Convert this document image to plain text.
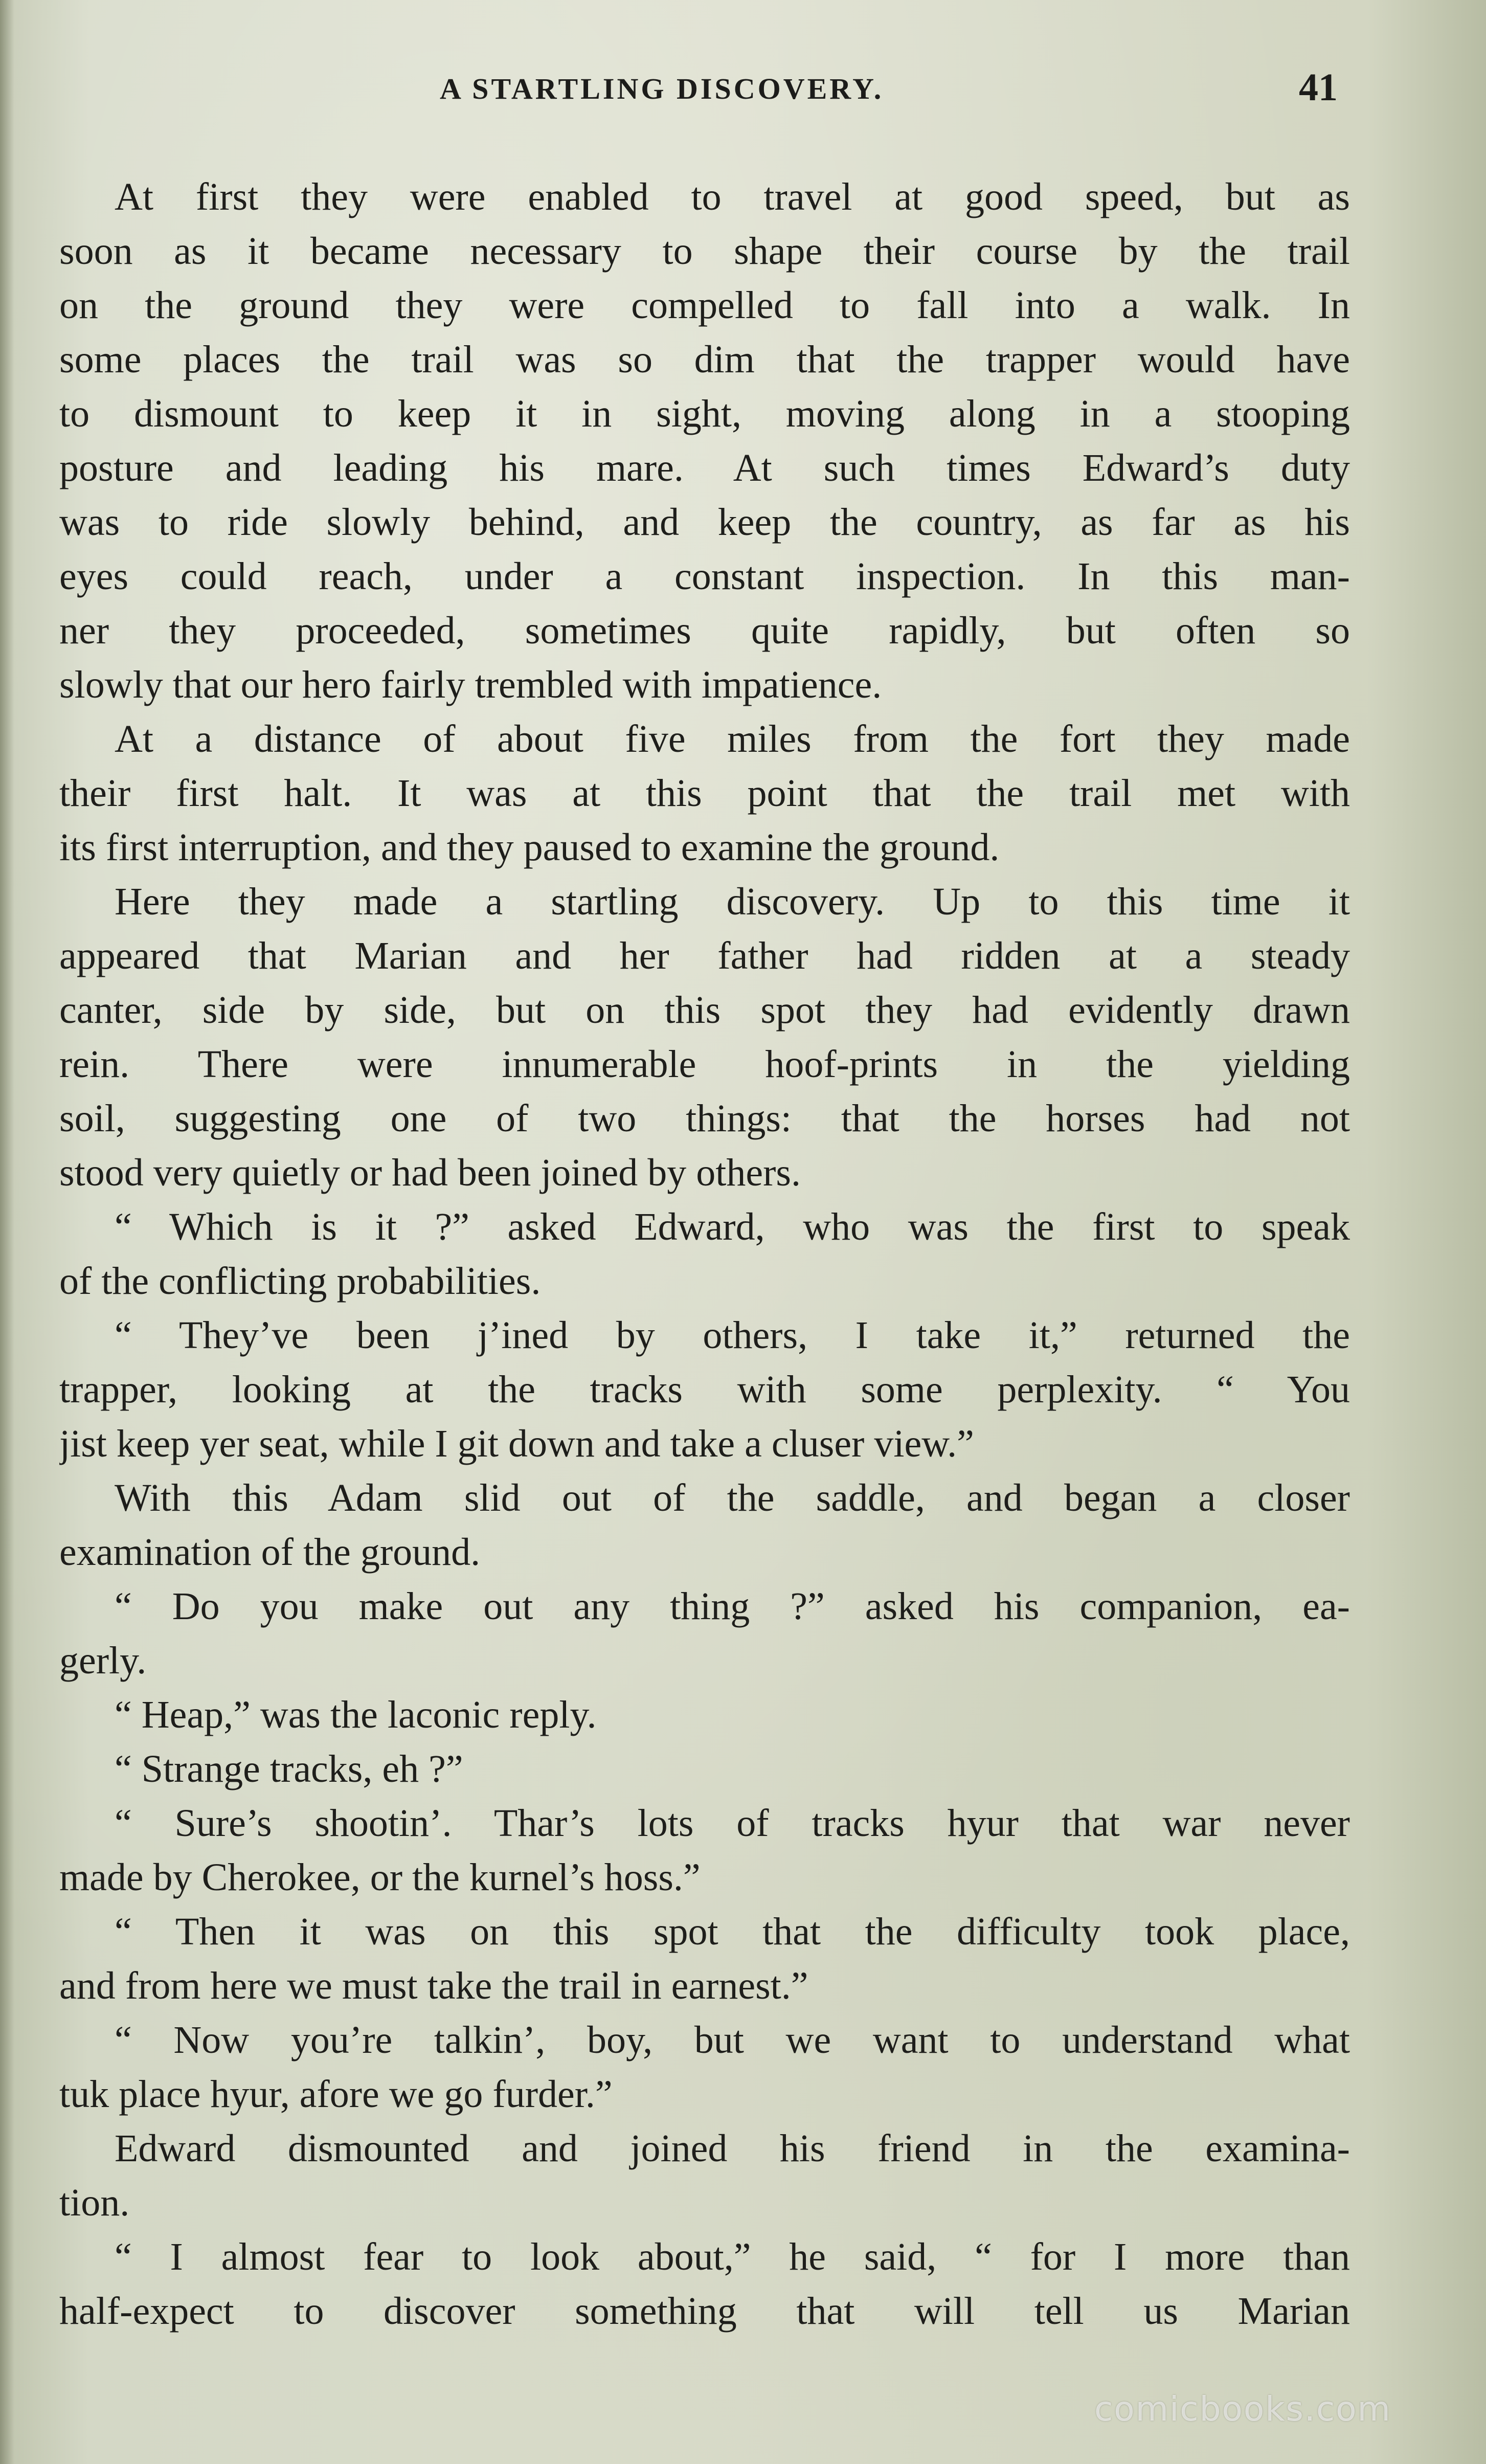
A STARTLING DISCOVERY.	41
At first they were enabled to travel at good speed, but as
soon as it became necessary to shape their course by the trail
on the ground they were compelled to fall into a walk. In
some places the trail was so dim that the trapper would have
to dismount to keep it in sight, moving along in a stooping
posture and leading his mare. At such times Edward’s duty
was to ride slowly behind, and keep the country, as far as his
eyes could reach, under a constant inspection. In this man-
ner they proceeded, sometimes quite rapidly, but often so
slowly that our hero fairly trembled with impatience.
At a distance of about five miles from the fort they made
their first halt. It was at this point that the trail met with
its first interruption, and they paused to examine the ground.
Here they made a startling discovery. Up to this time it
appeared that Marian and her father had ridden at a steady
canter, side by side, but on this spot they had evidently drawn
rein. There were innumerable hoof-prints in the yielding
soil, suggesting one of two things: that the horses had not
stood very quietly or had been joined by others.
“ Which is it ?” asked Edward, who was the first to speak
of the conflicting probabilities.
“ They’ve been j’ined by others, I take it,” returned the
trapper, looking at the tracks with some perplexity. “ You
jist keep yer seat, while I git down and take a cluser view.”
With this Adam slid out of the saddle, and began a closer
examination of the ground.
“ Do you make out any thing ?” asked his companion, ea-
gerly.
“ Heap,” was the laconic reply.
“ Strange tracks, eh ?”
“ Sure’s shootin’. Thar’s lots of tracks hyur that war never
made by Cherokee, or the kurnel’s hoss.”
“ Then it was on this spot that the difficulty took place,
and from here we must take the trail in earnest.”
“ Now you’re talkin’, boy, but we want to understand what
tuk place hyur, afore we go furder.”
Edward dismounted and joined his friend in the examina-
tion.
“ I almost fear to look about,” he said, “ for I more than
half-expect to discover something that will tell us Marian
comicbooks.com
